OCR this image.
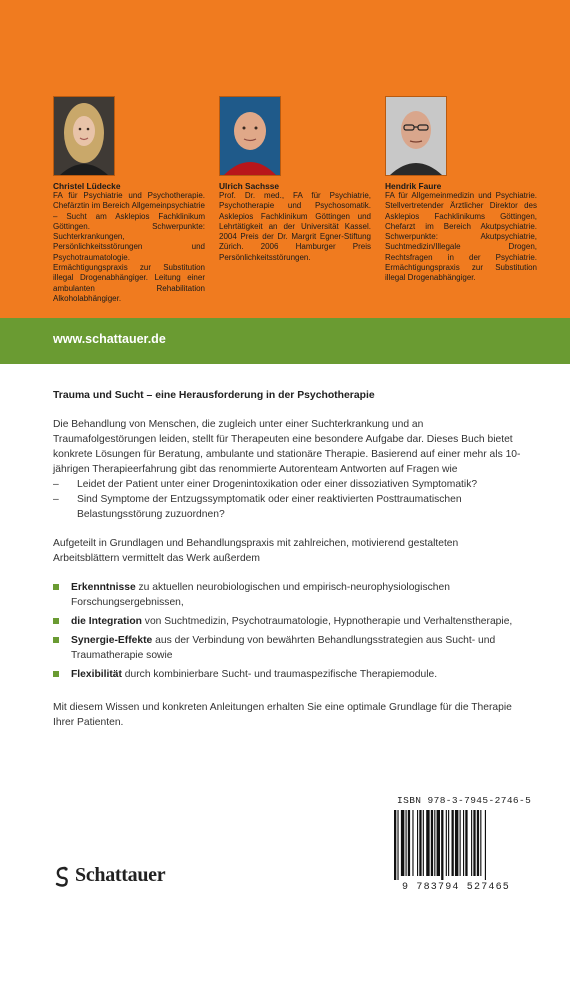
Christel Lüdecke
FA für Psychiatrie und Psychotherapie. Chefärztin im Bereich Allgemeinpsychiatrie – Sucht am Asklepios Fachklinikum Göttingen. Schwerpunkte: Suchterkrankungen, Persönlichkeitsstörungen und Psychotraumatologie. Ermächtigungspraxis zur Substitution illegal Drogenabhängiger. Leitung einer ambulanten Rehabilitation Alkoholabhängiger.
Ulrich Sachsse
Prof. Dr. med., FA für Psychiatrie, Psychotherapie und Psychosomatik. Asklepios Fachklinikum Göttingen und Lehrtätigkeit an der Universität Kassel. 2004 Preis der Dr. Margrit Egner-Stiftung Zürich. 2006 Hamburger Preis Persönlichkeitsstörungen.
Hendrik Faure
FA für Allgemeinmedizin und Psychiatrie. Stellvertretender Ärztlicher Direktor des Asklepios Fachklinikums Göttingen, Chefarzt im Bereich Akutpsychiatrie. Schwerpunkte: Akutpsychiatrie, Suchtmedizin/Illegale Drogen, Rechtsfragen in der Psychiatrie. Ermächtigungspraxis zur Substitution illegal Drogenabhängiger.
www.schattauer.de
Trauma und Sucht – eine Herausforderung in der Psychotherapie

Die Behandlung von Menschen, die zugleich unter einer Suchterkrankung und an Traumafolgestörungen leiden, stellt für Therapeuten eine besondere Aufgabe dar. Dieses Buch bietet konkrete Lösungen für Beratung, ambulante und stationäre Therapie. Basierend auf einer mehr als 10-jährigen Therapieerfahrung gibt das renommierte Autorenteam Antworten auf Fragen wie

– Leidet der Patient unter einer Drogenintoxikation oder einer dissoziativen Symptomatik?
– Sind Symptome der Entzugssymptomatik oder einer reaktivierten Posttraumatischen Belastungsstörung zuzuordnen?

Aufgeteilt in Grundlagen und Behandlungspraxis mit zahlreichen, motivierend gestalteten Arbeitsblättern vermittelt das Werk außerdem

Erkenntnisse zu aktuellen neurobiologischen und empirisch-neurophysiologischen Forschungsergebnissen,
die Integration von Suchtmedizin, Psychotraumatologie, Hypnotherapie und Verhaltenstherapie,
Synergie-Effekte aus der Verbindung von bewährten Behandlungsstrategien aus Sucht- und Traumatherapie sowie
Flexibilität durch kombinierbare Sucht- und traumaspezifische Therapiemodule.

Mit diesem Wissen und konkreten Anleitungen erhalten Sie eine optimale Grundlage für die Therapie Ihrer Patienten.

ISBN 978-3-7945-2746-5
9 783794 527465
Schattauer
